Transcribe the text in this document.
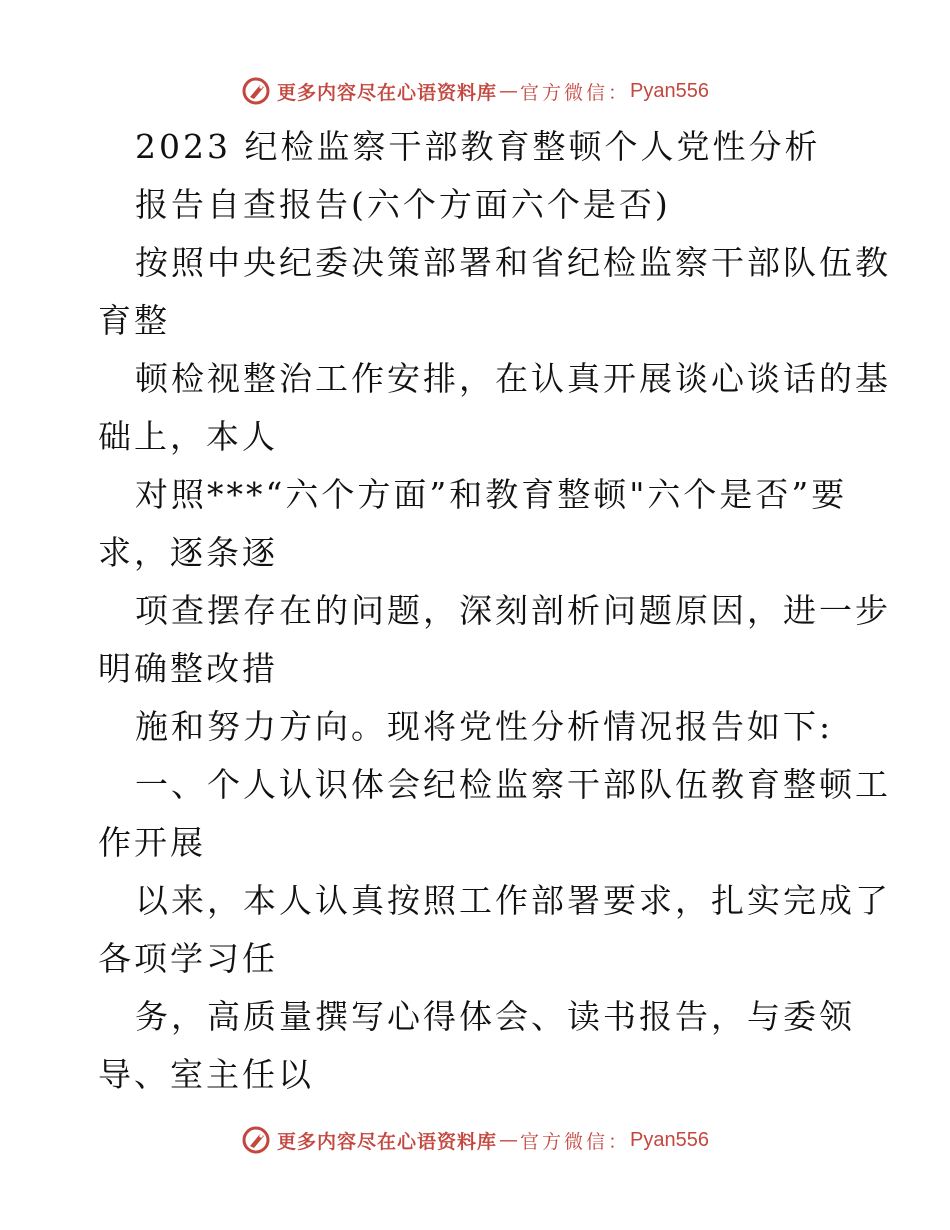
更多内容尽在心语资料库 — 官方微信： Pyan556
2023 纪检监察干部教育整顿个人党性分析
报告自查报告(六个方面六个是否)
按照中央纪委决策部署和省纪检监察干部队伍教
育整
顿检视整治工作安排，在认真开展谈心谈话的基
础上，本人
对照***“六个方面”和教育整顿"六个是否”要
求，逐条逐
项查摆存在的问题，深刻剖析问题原因，进一步
明确整改措
施和努力方向。现将党性分析情况报告如下:
一、个人认识体会纪检监察干部队伍教育整顿工
作开展
以来，本人认真按照工作部署要求，扎实完成了
各项学习任
务，高质量撰写心得体会、读书报告，与委领
导、室主任以
更多内容尽在心语资料库 — 官方微信： Pyan556
